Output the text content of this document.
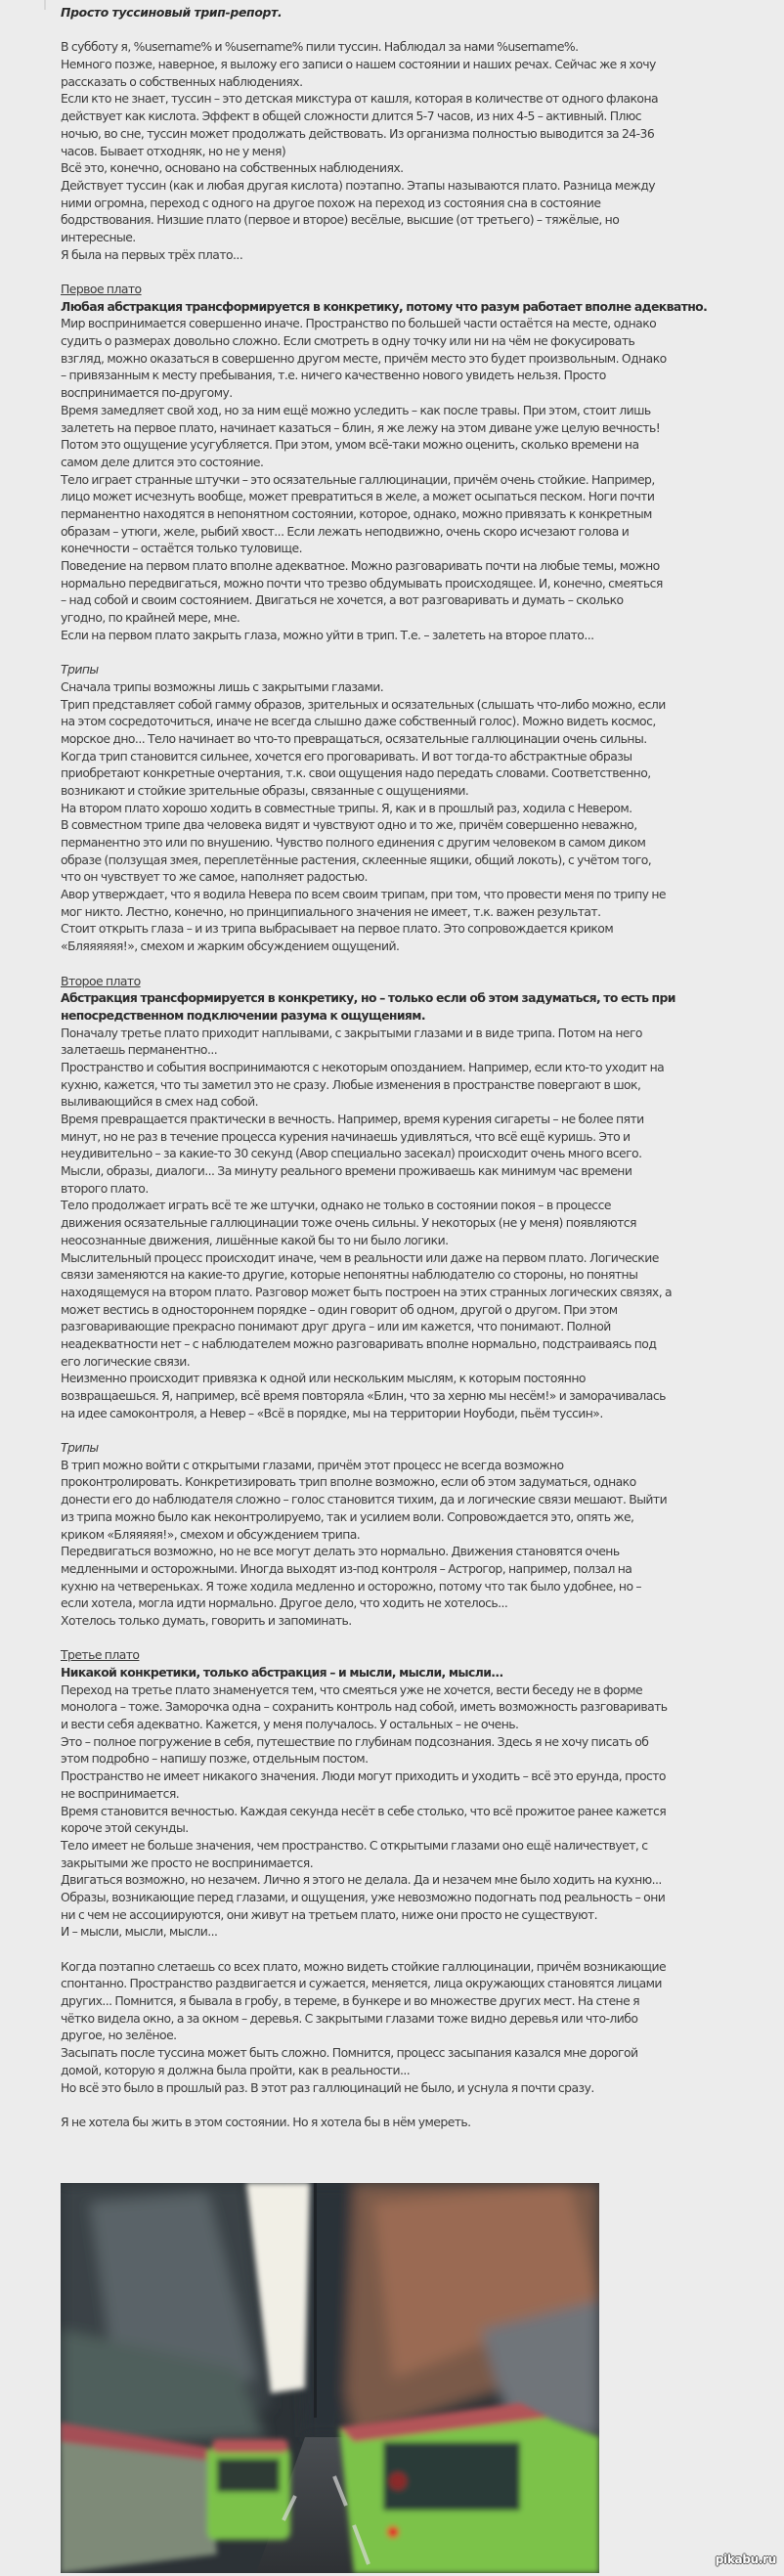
Просто туссиновый трип-репорт.
В субботу я, %username% и %username% пили туссин. Наблюдал за нами %username%.
Немного позже, наверное, я выложу его записи о нашем состоянии и наших речах. Сейчас же я хочу
рассказать о собственных наблюдениях.
Если кто не знает, туссин – это детская микстура от кашля, которая в количестве от одного флакона
действует как кислота. Эффект в общей сложности длится 5-7 часов, из них 4-5 – активный. Плюс
ночью, во сне, туссин может продолжать действовать. Из организма полностью выводится за 24-36
часов. Бывает отходняк, но не у меня)
Всё это, конечно, основано на собственных наблюдениях.
Действует туссин (как и любая другая кислота) поэтапно. Этапы называются плато. Разница между
ними огромна, переход с одного на другое похож на переход из состояния сна в состояние
бодрствования. Низшие плато (первое и второе) весёлые, высшие (от третьего) – тяжёлые, но
интересные.
Я была на первых трёх плато...
Первое плато
Любая абстракция трансформируется в конкретику, потому что разум работает вполне адекватно.
Мир воспринимается совершенно иначе. Пространство по большей части остаётся на месте, однако
судить о размерах довольно сложно. Если смотреть в одну точку или ни на чём не фокусировать
взгляд, можно оказаться в совершенно другом месте, причём место это будет произвольным. Однако
– привязанным к месту пребывания, т.е. ничего качественно нового увидеть нельзя. Просто
воспринимается по-другому.
Время замедляет свой ход, но за ним ещё можно уследить – как после травы. При этом, стоит лишь
залететь на первое плато, начинает казаться – блин, я же лежу на этом диване уже целую вечность!
Потом это ощущение усугубляется. При этом, умом всё-таки можно оценить, сколько времени на
самом деле длится это состояние.
Тело играет странные штучки – это осязательные галлюцинации, причём очень стойкие. Например,
лицо может исчезнуть вообще, может превратиться в желе, а может осыпаться песком. Ноги почти
перманентно находятся в непонятном состоянии, которое, однако, можно привязать к конкретным
образам – утюги, желе, рыбий хвост... Если лежать неподвижно, очень скоро исчезают голова и
конечности – остаётся только туловище.
Поведение на первом плато вполне адекватное. Можно разговаривать почти на любые темы, можно
нормально передвигаться, можно почти что трезво обдумывать происходящее. И, конечно, смеяться
– над собой и своим состоянием. Двигаться не хочется, а вот разговаривать и думать – сколько
угодно, по крайней мере, мне.
Если на первом плато закрыть глаза, можно уйти в трип. Т.е. – залететь на второе плато...
Трипы
Сначала трипы возможны лишь с закрытыми глазами.
Трип представляет собой гамму образов, зрительных и осязательных (слышать что-либо можно, если
на этом сосредоточиться, иначе не всегда слышно даже собственный голос). Можно видеть космос,
морское дно... Тело начинает во что-то превращаться, осязательные галлюцинации очень сильны.
Когда трип становится сильнее, хочется его проговаривать. И вот тогда-то абстрактные образы
приобретают конкретные очертания, т.к. свои ощущения надо передать словами. Соответственно,
возникают и стойкие зрительные образы, связанные с ощущениями.
На втором плато хорошо ходить в совместные трипы. Я, как и в прошлый раз, ходила с Невером.
В совместном трипе два человека видят и чувствуют одно и то же, причём совершенно неважно,
перманентно это или по внушению. Чувство полного единения с другим человеком в самом диком
образе (ползущая змея, переплетённые растения, склеенные ящики, общий локоть), с учётом того,
что он чувствует то же самое, наполняет радостью.
Авор утверждает, что я водила Невера по всем своим трипам, при том, что провести меня по трипу не
мог никто. Лестно, конечно, но принципиального значения не имеет, т.к. важен результат.
Стоит открыть глаза – и из трипа выбрасывает на первое плато. Это сопровождается криком
«Бляяяяяя!», смехом и жарким обсуждением ощущений.
Второе плато
Абстракция трансформируется в конкретику, но – только если об этом задуматься, то есть при
непосредственном подключении разума к ощущениям.
Поначалу третье плато приходит наплывами, с закрытыми глазами и в виде трипа. Потом на него
залетаешь перманентно...
Пространство и события воспринимаются с некоторым опозданием. Например, если кто-то уходит на
кухню, кажется, что ты заметил это не сразу. Любые изменения в пространстве повергают в шок,
выливающийся в смех над собой.
Время превращается практически в вечность. Например, время курения сигареты – не более пяти
минут, но не раз в течение процесса курения начинаешь удивляться, что всё ещё куришь. Это и
неудивительно – за какие-то 30 секунд (Авор специально засекал) происходит очень много всего.
Мысли, образы, диалоги... За минуту реального времени проживаешь как минимум час времени
второго плато.
Тело продолжает играть всё те же штучки, однако не только в состоянии покоя – в процессе
движения осязательные галлюцинации тоже очень сильны. У некоторых (не у меня) появляются
неосознанные движения, лишённые какой бы то ни было логики.
Мыслительный процесс происходит иначе, чем в реальности или даже на первом плато. Логические
связи заменяются на какие-то другие, которые непонятны наблюдателю со стороны, но понятны
находящемуся на втором плато. Разговор может быть построен на этих странных логических связях, а
может вестись в одностороннем порядке – один говорит об одном, другой о другом. При этом
разговаривающие прекрасно понимают друг друга – или им кажется, что понимают. Полной
неадекватности нет – с наблюдателем можно разговаривать вполне нормально, подстраиваясь под
его логические связи.
Неизменно происходит привязка к одной или нескольким мыслям, к которым постоянно
возвращаешься. Я, например, всё время повторяла «Блин, что за херню мы несём!» и заморачивалась
на идее самоконтроля, а Невер – «Всё в порядке, мы на территории Ноубоди, пьём туссин».
Трипы
В трип можно войти с открытыми глазами, причём этот процесс не всегда возможно
проконтролировать. Конкретизировать трип вполне возможно, если об этом задуматься, однако
донести его до наблюдателя сложно – голос становится тихим, да и логические связи мешают. Выйти
из трипа можно было как неконтролируемо, так и усилием воли. Сопровождается это, опять же,
криком «Бляяяяя!», смехом и обсуждением трипа.
Передвигаться возможно, но не все могут делать это нормально. Движения становятся очень
медленными и осторожными. Иногда выходят из-под контроля – Астрогор, например, ползал на
кухню на четвереньках. Я тоже ходила медленно и осторожно, потому что так было удобнее, но –
если хотела, могла идти нормально. Другое дело, что ходить не хотелось...
Хотелось только думать, говорить и запоминать.
Третье плато
Никакой конкретики, только абстракция – и мысли, мысли, мысли...
Переход на третье плато знаменуется тем, что смеяться уже не хочется, вести беседу не в форме
монолога – тоже. Заморочка одна – сохранить контроль над собой, иметь возможность разговаривать
и вести себя адекватно. Кажется, у меня получалось. У остальных – не очень.
Это – полное погружение в себя, путешествие по глубинам подсознания. Здесь я не хочу писать об
этом подробно – напишу позже, отдельным постом.
Пространство не имеет никакого значения. Люди могут приходить и уходить – всё это ерунда, просто
не воспринимается.
Время становится вечностью. Каждая секунда несёт в себе столько, что всё прожитое ранее кажется
короче этой секунды.
Тело имеет не больше значения, чем пространство. С открытыми глазами оно ещё наличествует, с
закрытыми же просто не воспринимается.
Двигаться возможно, но незачем. Лично я этого не делала. Да и незачем мне было ходить на кухню...
Образы, возникающие перед глазами, и ощущения, уже невозможно подогнать под реальность – они
ни с чем не ассоциируются, они живут на третьем плато, ниже они просто не существуют.
И – мысли, мысли, мысли...
Когда поэтапно слетаешь со всех плато, можно видеть стойкие галлюцинации, причём возникающие
спонтанно. Пространство раздвигается и сужается, меняется, лица окружающих становятся лицами
других... Помнится, я бывала в гробу, в тереме, в бункере и во множестве других мест. На стене я
чётко видела окно, а за окном – деревья. С закрытыми глазами тоже видно деревья или что-либо
другое, но зелёное.
Засыпать после туссина может быть сложно. Помнится, процесс засыпания казался мне дорогой
домой, которую я должна была пройти, как в реальности...
Но всё это было в прошлый раз. В этот раз галлюцинаций не было, и уснула я почти сразу.
Я не хотела бы жить в этом состоянии. Но я хотела бы в нём умереть.
pikabu.ru
